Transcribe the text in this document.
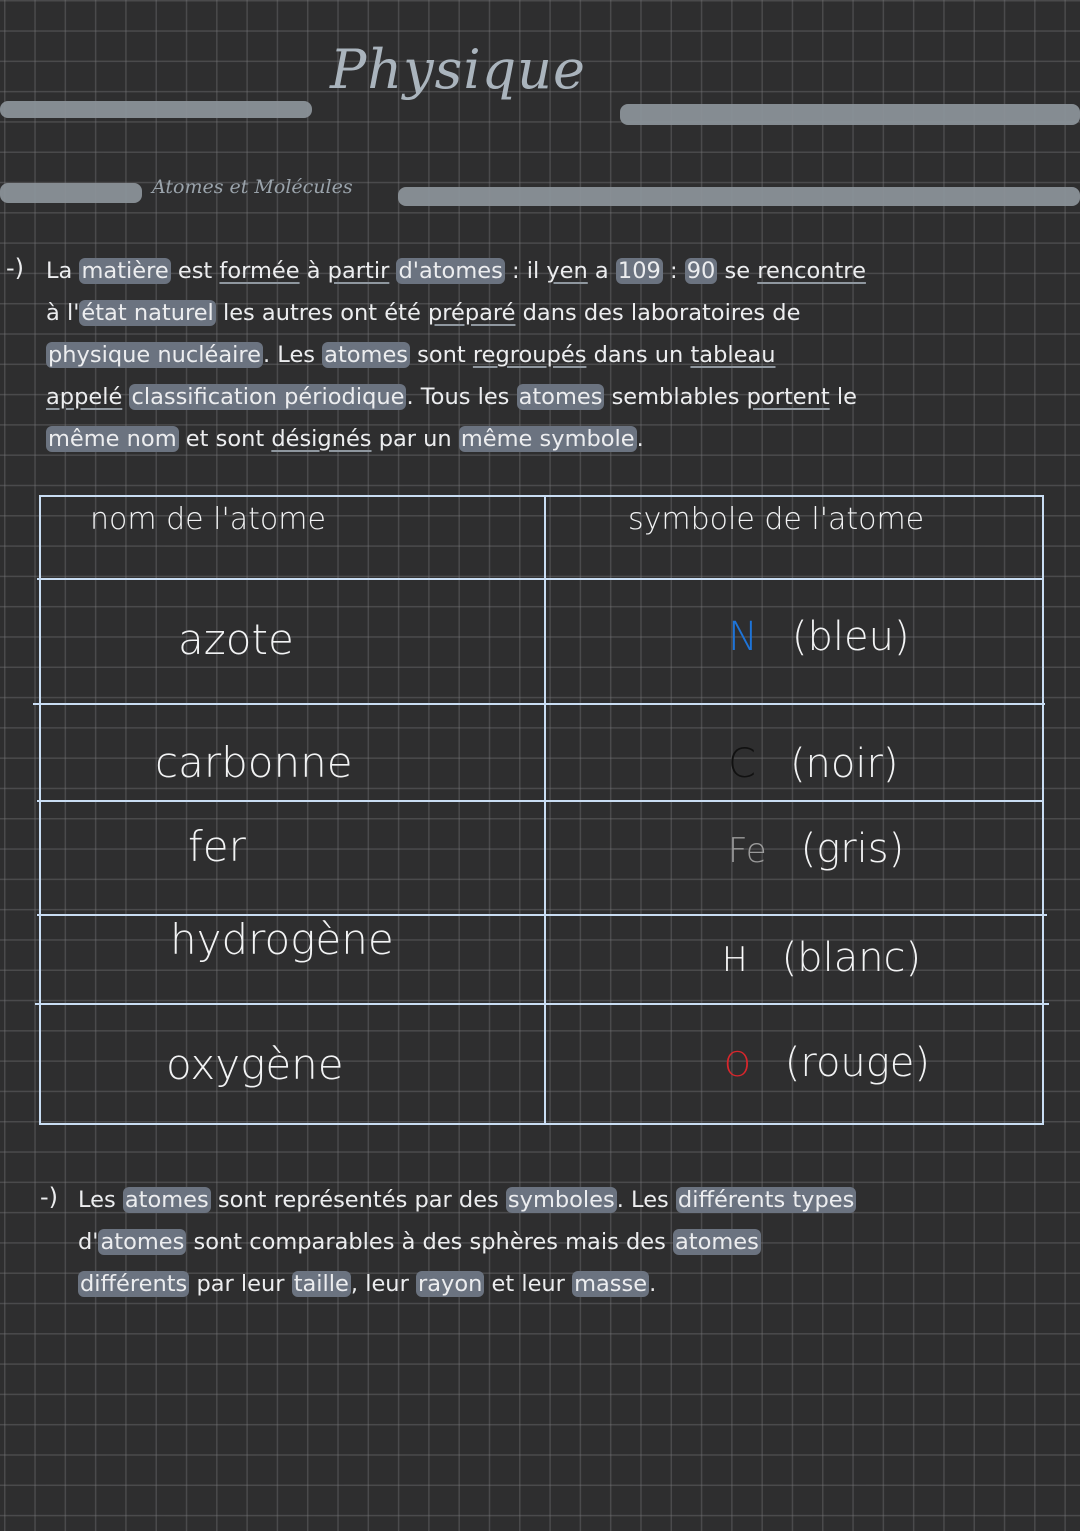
Physique
Atomes et Molécules
-) La matière est formée à partir d'atomes : il yen a 109 : 90 se rencontre
à l'état naturel les autres ont été préparé dans des laboratoires de
physique nucléaire. Les atomes sont regroupés dans un tableau
appelé classification périodique. Tous les atomes semblables portent le
même nom et sont désignés par un même symbole.
nom de l'atome	symbole de l'atome
azote
carbonne
fer
hydrogène
oxygène
N (bleu)
C (noir)
Fe (gris)
H (blanc)
O (rouge)
-) Les atomes sont représentés par des symboles. Les différents types
d'atomes sont comparables à des sphères mais des atomes
différents par leur taille, leur rayon et leur masse.
